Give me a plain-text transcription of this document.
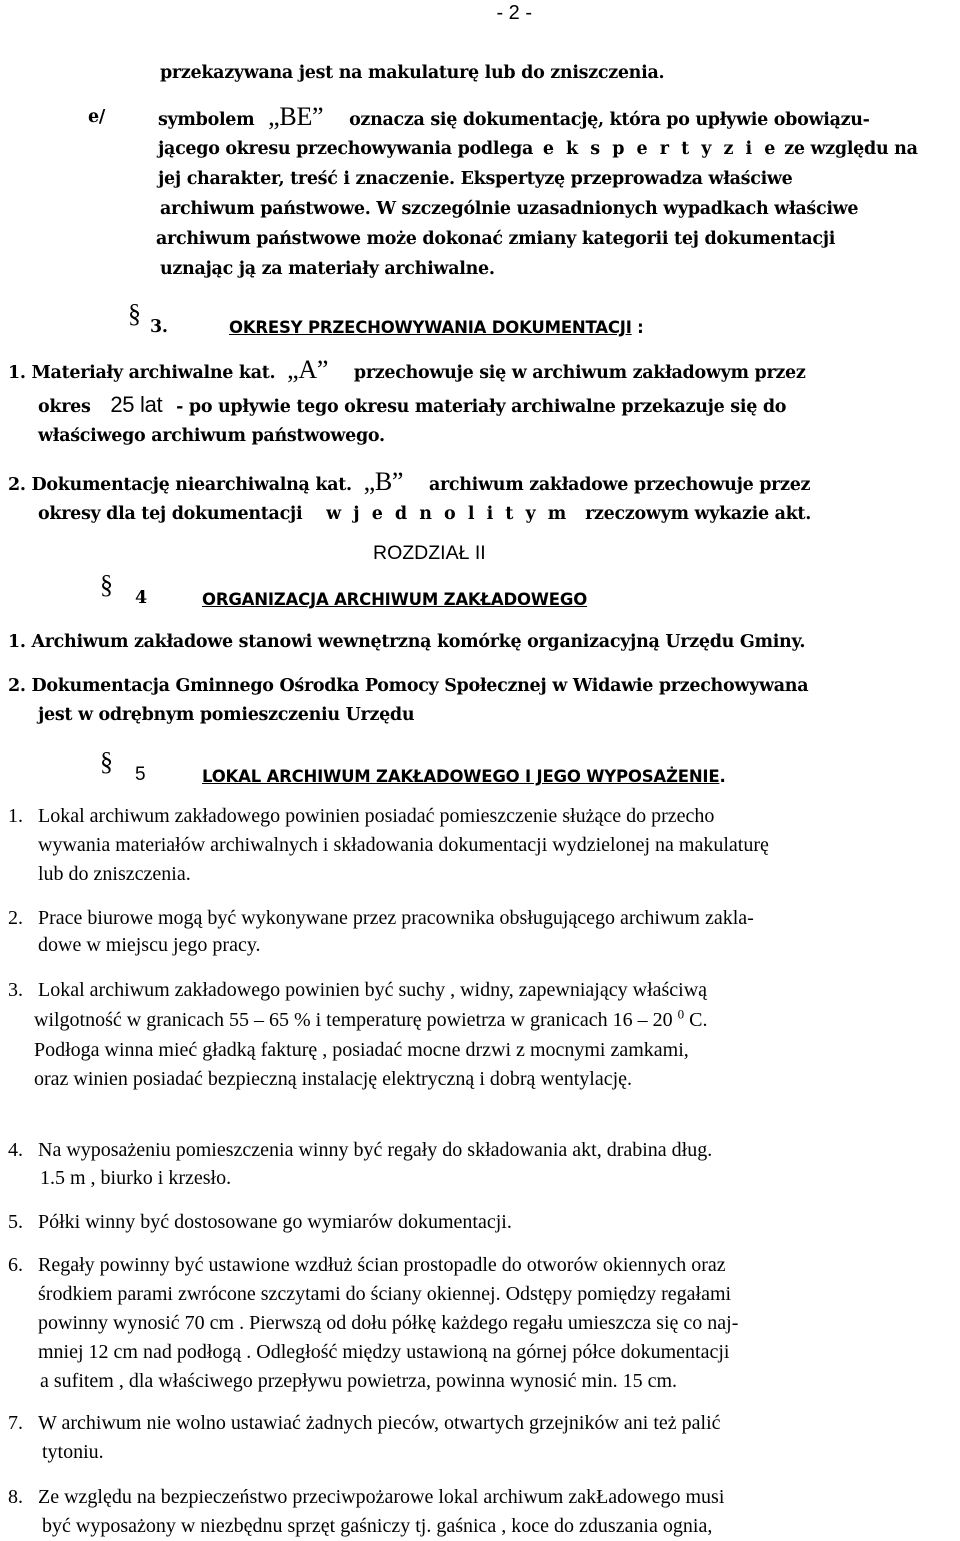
- 2 -
przekazywana jest na makulaturę lub do zniszczenia.
e/	symbolem „BE” oznacza się dokumentację, która po upływie obowiązu-
jącego okresu przechowywania podlega e k s p e r t y z i e ze względu na
jej charakter, treść i znaczenie. Ekspertyzę przeprowadza właściwe
archiwum państwowe. W szczególnie uzasadnionych wypadkach właściwe
archiwum państwowe może dokonać zmiany kategorii tej dokumentacji
uznając ją za materiały archiwalne.
§ 3.	OKRESY PRZECHOWYWANIA DOKUMENTACJI :
1. Materiały archiwalne kat. „A” przechowuje się w archiwum zakładowym przez
okres 25 lat - po upływie tego okresu materiały archiwalne przekazuje się do
właściwego archiwum państwowego.
2. Dokumentację niearchiwalną kat. „B” archiwum zakładowe przechowuje przez
okresy dla tej dokumentacji w j e d n o l i t y m rzeczowym wykazie akt.
ROZDZIAŁ II
§ 4	ORGANIZACJA ARCHIWUM ZAKŁADOWEGO
1. Archiwum zakładowe stanowi wewnętrzną komórkę organizacyjną Urzędu Gminy.
2. Dokumentacja Gminnego Ośrodka Pomocy Społecznej w Widawie przechowywana
jest w odrębnym pomieszczeniu Urzędu
§ 5	LOKAL ARCHIWUM ZAKŁADOWEGO I JEGO WYPOSAŻENIE.
1. Lokal archiwum zakładowego powinien posiadać pomieszczenie służące do przecho
wywania materiałów archiwalnych i składowania dokumentacji wydzielonej na makulaturę
lub do zniszczenia.
2. Prace biurowe mogą być wykonywane przez pracownika obsługującego archiwum zakla-
dowe w miejscu jego pracy.
3. Lokal archiwum zakładowego powinien być suchy , widny, zapewniający właściwą
wilgotność w granicach 55 – 65 % i temperaturę powietrza w granicach 16 – 20 $^0$ C.
Podłoga winna mieć gładką fakturę , posiadać mocne drzwi z mocnymi zamkami,
oraz winien posiadać bezpieczną instalację elektryczną i dobrą wentylację.
4. Na wyposażeniu pomieszczenia winny być regały do składowania akt, drabina dług.
1.5 m , biurko i krzesło.
5. Półki winny być dostosowane go wymiarów dokumentacji.
6. Regały powinny być ustawione wzdłuż ścian prostopadle do otworów okiennych oraz
środkiem parami zwrócone szczytami do ściany okiennej. Odstępy pomiędzy regałami
powinny wynosić 70 cm . Pierwszą od dołu półkę każdego regału umieszcza się co naj-
mniej 12 cm nad podłogą . Odległość między ustawioną na górnej półce dokumentacji
a sufitem , dla właściwego przepływu powietrza, powinna wynosić min. 15 cm.
7. W archiwum nie wolno ustawiać żadnych pieców, otwartych grzejników ani też palić
tytoniu.
8. Ze względu na bezpieczeństwo przeciwpożarowe lokal archiwum zakŁadowego musi
być wyposażony w niezbędnu sprzęt gaśniczy tj. gaśnica , koce do zduszania ognia,
